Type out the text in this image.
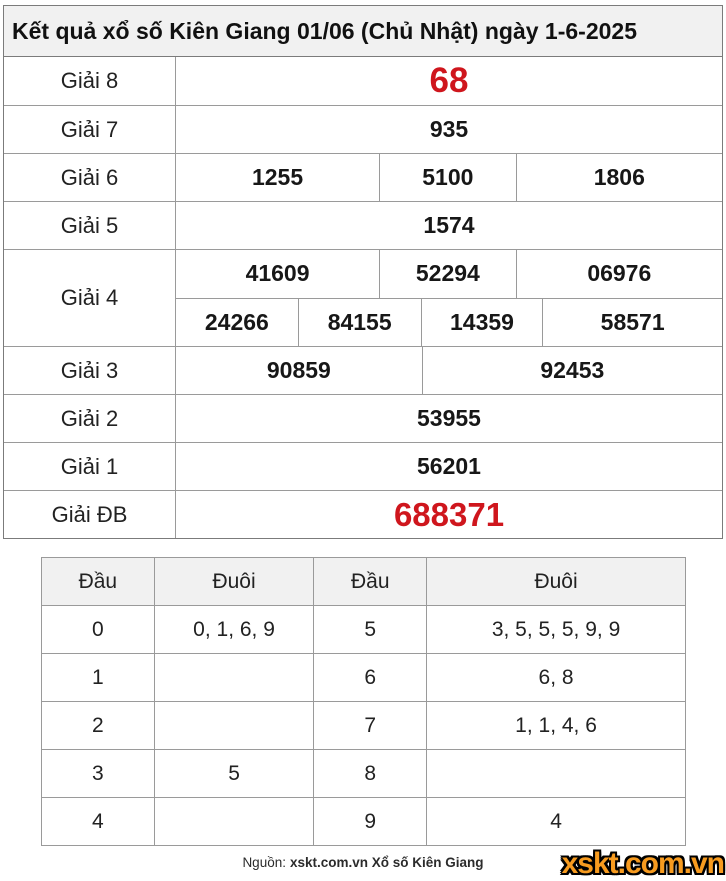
Kết quả xổ số Kiên Giang 01/06 (Chủ Nhật) ngày 1-6-2025
Giải 8	68
Giải 7	935
Giải 6	1255	5100	1806
Giải 5	1574
Giải 4
41609	52294	06976
24266	84155	14359	58571
Giải 3	90859	92453
Giải 2	53955
Giải 1	56201
Giải ĐB	688371
Đầu	Đuôi	Đầu	Đuôi
0	0, 1, 6, 9	5	3, 5, 5, 5, 9, 9
1		6	6, 8
2		7	1, 1, 4, 6
3	5	8	
4		9	4
Nguồn: xskt.com.vn Xổ số Kiên Giang	xskt.com.vn
